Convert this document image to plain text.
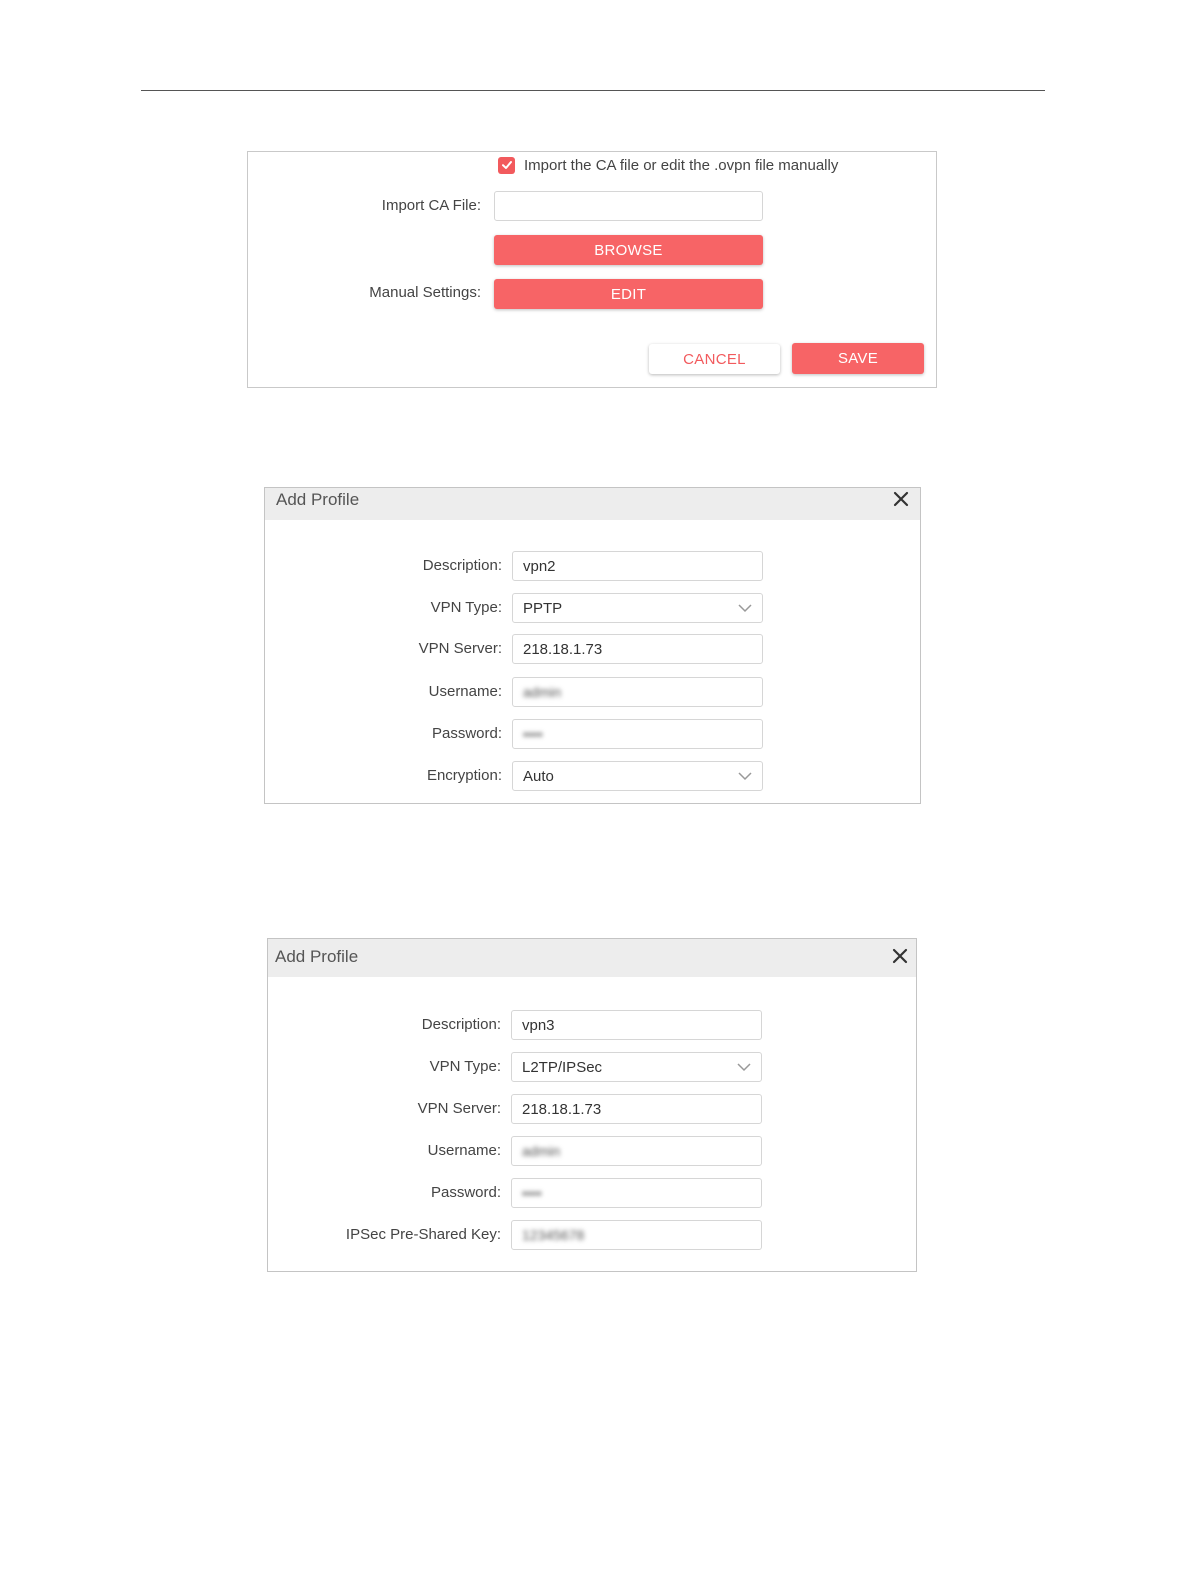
Import the CA file or edit the .ovpn file manually
Import CA File:
BROWSE
Manual Settings:	EDIT
CANCEL	SAVE
Add Profile
Description: vpn2
VPN Type: PPTP
VPN Server: 218.18.1.73
Username: admin
Password: ••••
Encryption: Auto
Add Profile
Description: vpn3
VPN Type: L2TP/IPSec
VPN Server: 218.18.1.73
Username: admin
Password: ••••
IPSec Pre-Shared Key: 12345678
